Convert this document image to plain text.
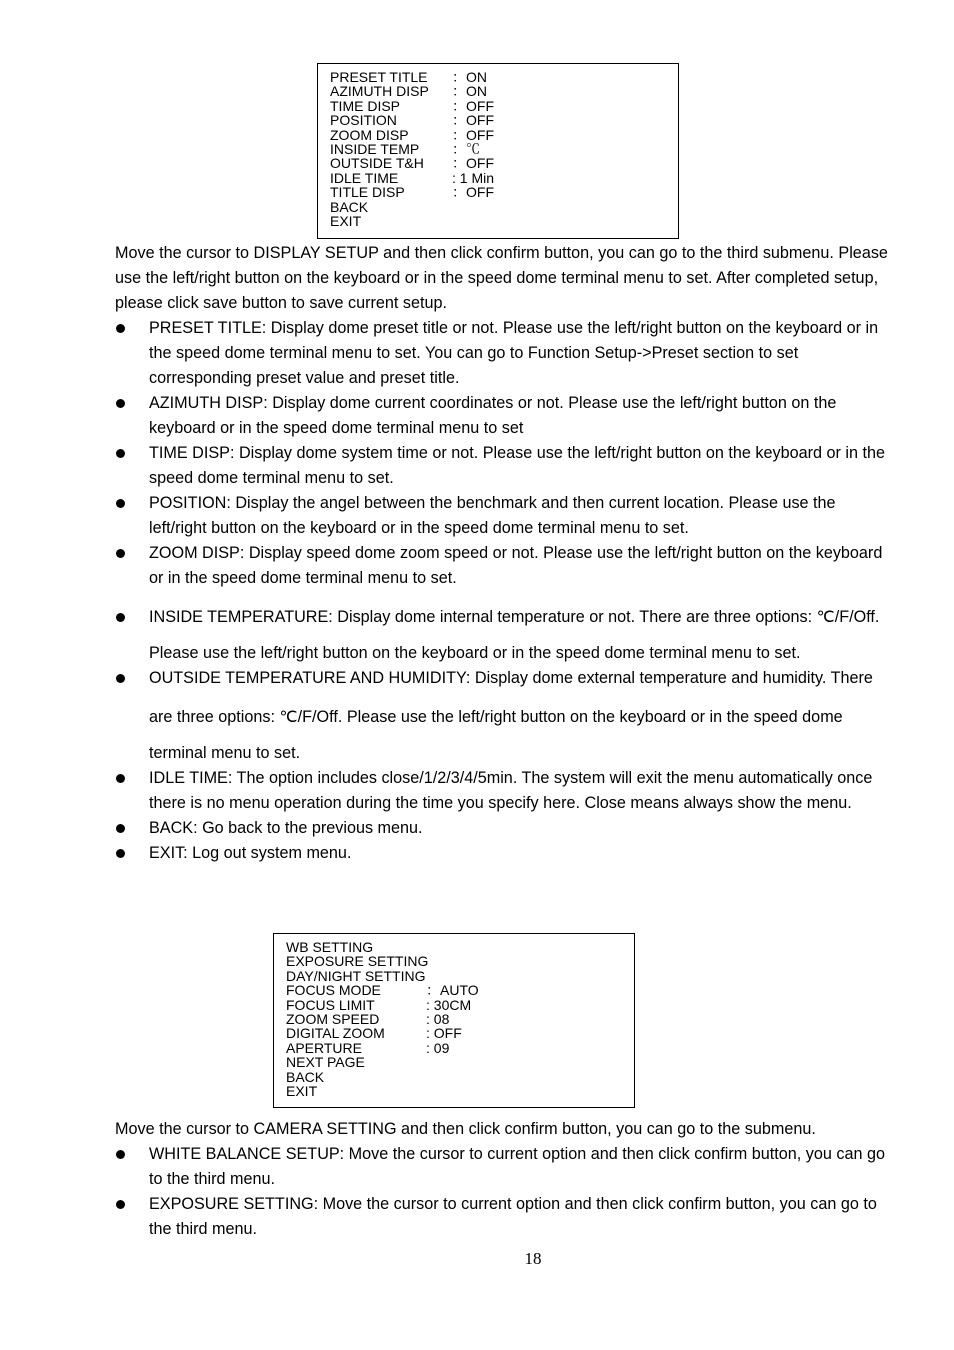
PRESET TITLE ：ON
AZIMUTH DISP ：ON
TIME DISP	：OFF
POSITION	：OFF
ZOOM DISP	：OFF
INSIDE TEMP ：℃
OUTSIDE T&H ：OFF
IDLE TIME	: 1 Min
TITLE DISP	：OFF
BACK
EXIT
Move the cursor to DISPLAY SETUP and then click confirm button, you can go to the third submenu. Please
use the left/right button on the keyboard or in the speed dome terminal menu to set. After completed setup,
please click save button to save current setup.
PRESET TITLE: Display dome preset title or not. Please use the left/right button on the keyboard or in
the speed dome terminal menu to set. You can go to Function Setup->Preset section to set
corresponding preset value and preset title.
AZIMUTH DISP: Display dome current coordinates or not. Please use the left/right button on the
keyboard or in the speed dome terminal menu to set
TIME DISP: Display dome system time or not. Please use the left/right button on the keyboard or in the
speed dome terminal menu to set.
POSITION: Display the angel between the benchmark and then current location. Please use the
left/right button on the keyboard or in the speed dome terminal menu to set.
ZOOM DISP: Display speed dome zoom speed or not. Please use the left/right button on the keyboard
or in the speed dome terminal menu to set.
INSIDE TEMPERATURE: Display dome internal temperature or not. There are three options: ℃/F/Off.
Please use the left/right button on the keyboard or in the speed dome terminal menu to set.
OUTSIDE TEMPERATURE AND HUMIDITY: Display dome external temperature and humidity. There
are three options: ℃/F/Off. Please use the left/right button on the keyboard or in the speed dome
terminal menu to set.
IDLE TIME: The option includes close/1/2/3/4/5min. The system will exit the menu automatically once
there is no menu operation during the time you specify here. Close means always show the menu.
BACK: Go back to the previous menu.
EXIT: Log out system menu.
WB SETTING
EXPOSURE SETTING
DAY/NIGHT SETTING
FOCUS MODE	：AUTO
FOCUS LIMIT	: 30CM
ZOOM SPEED	: 08
DIGITAL ZOOM	: OFF
APERTURE	: 09
NEXT PAGE
BACK
EXIT
Move the cursor to CAMERA SETTING and then click confirm button, you can go to the submenu.
WHITE BALANCE SETUP: Move the cursor to current option and then click confirm button, you can go
to the third menu.
EXPOSURE SETTING: Move the cursor to current option and then click confirm button, you can go to
the third menu.
18
